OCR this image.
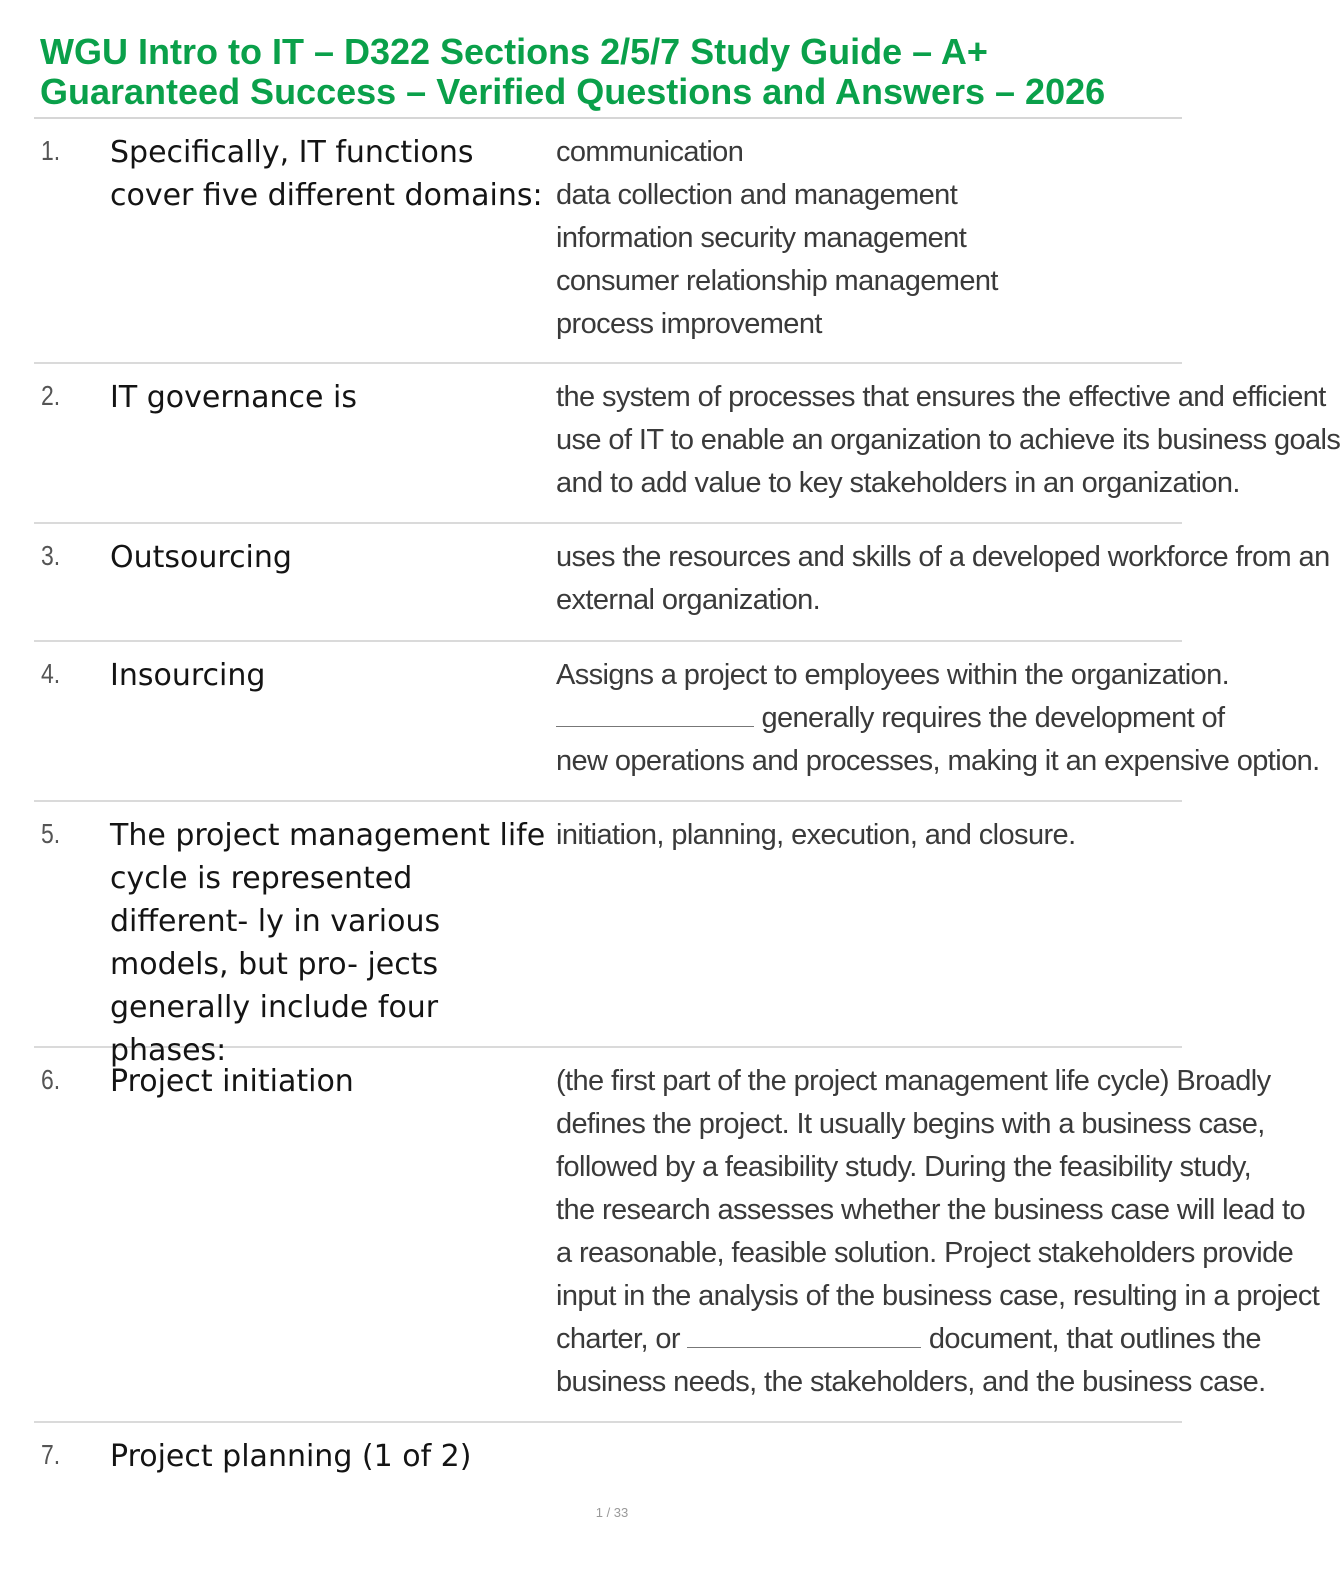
WGU Intro to IT – D322 Sections 2/5/7 Study Guide – A+ Guaranteed Success – Verified Questions and Answers – 2026
1. Specifically, IT functions cover five different domains:
communication
data collection and management
information security management
consumer relationship management
process improvement
2. IT governance is	the system of processes that ensures the effective and efficient
use of IT to enable an organization to achieve its business goals
and to add value to key stakeholders in an organization.
3. Outsourcing	uses the resources and skills of a developed workforce from an
external organization.
4. Insourcing	Assigns a project to employees within the organization.
generally requires the development of
new operations and processes, making it an expensive option.
5. The project management life cycle is represented different- ly in various models, but pro- jects generally include four phases:
initiation, planning, execution, and closure.
6. Project initiation	(the first part of the project management life cycle) Broadly
defines the project. It usually begins with a business case,
followed by a feasibility study. During the feasibility study,
the research assesses whether the business case will lead to
a reasonable, feasible solution. Project stakeholders provide
input in the analysis of the business case, resulting in a project
charter, or	document, that outlines the
business needs, the stakeholders, and the business case.
7. Project planning (1 of 2)
1 / 33
